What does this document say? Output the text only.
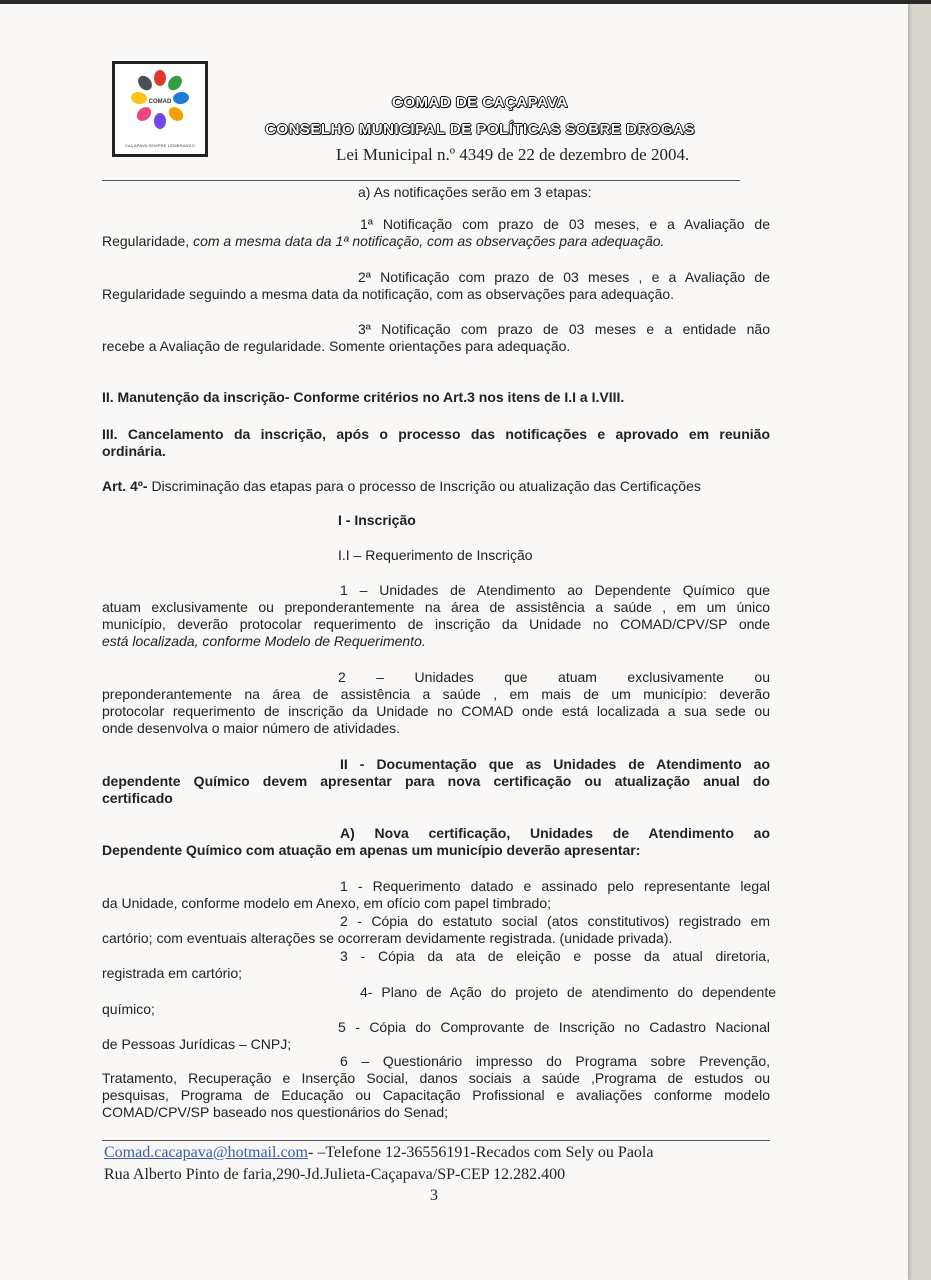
COMAD
CAÇAPAVA SEMPRE LEMBRANDO
COMAD DE CAÇAPAVA
CONSELHO MUNICIPAL DE POLÍTICAS SOBRE DROGAS
Lei Municipal n.º 4349 de 22 de dezembro de 2004.
a) As notificações serão em 3 etapas:
1ª Notificação com prazo de 03 meses, e a Avaliação de
Regularidade, com a mesma data da 1ª notificação, com as observações para adequação.
2ª Notificação com prazo de 03 meses , e a Avaliação de
Regularidade seguindo a mesma data da notificação, com as observações para adequação.
3ª Notificação com prazo de 03 meses e a entidade não
recebe a Avaliação de regularidade. Somente orientações para adequação.
II. Manutenção da inscrição- Conforme critérios no Art.3 nos itens de I.I a I.VIII.
III. Cancelamento da inscrição, após o processo das notificações e aprovado em reunião
ordinária.
Art. 4º- Discriminação das etapas para o processo de Inscrição ou atualização das Certificações
I - Inscrição
I.I – Requerimento de Inscrição
1 – Unidades de Atendimento ao Dependente Químico que
atuam exclusivamente ou preponderantemente na área de assistência a saúde , em um único
município, deverão protocolar requerimento de inscrição da Unidade no COMAD/CPV/SP onde
está localizada, conforme Modelo de Requerimento.
2 – Unidades que atuam exclusivamente ou
preponderantemente na área de assistência a saúde , em mais de um município: deverão
protocolar requerimento de inscrição da Unidade no COMAD onde está localizada a sua sede ou
onde desenvolva o maior número de atividades.
II - Documentação que as Unidades de Atendimento ao
dependente Químico devem apresentar para nova certificação ou atualização anual do
certificado
A) Nova certificação, Unidades de Atendimento ao
Dependente Químico com atuação em apenas um município deverão apresentar:
1 - Requerimento datado e assinado pelo representante legal
da Unidade, conforme modelo em Anexo, em ofício com papel timbrado;
2 - Cópia do estatuto social (atos constitutivos) registrado em
cartório; com eventuais alterações se ocorreram devidamente registrada. (unidade privada).
3 - Cópia da ata de eleição e posse da atual diretoria,
registrada em cartório;
4- Plano de Ação do projeto de atendimento do dependente
químico;
5 - Cópia do Comprovante de Inscrição no Cadastro Nacional
de Pessoas Jurídicas – CNPJ;
6 – Questionário impresso do Programa sobre Prevenção,
Tratamento, Recuperação e Inserção Social, danos sociais a saúde ,Programa de estudos ou
pesquisas, Programa de Educação ou Capacitação Profissional e avaliações conforme modelo
COMAD/CPV/SP baseado nos questionários do Senad;
Comad.cacapava@hotmail.com- –Telefone 12-36556191-Recados com Sely ou Paola
Rua Alberto Pinto de faria,290-Jd.Julieta-Caçapava/SP-CEP 12.282.400
3
